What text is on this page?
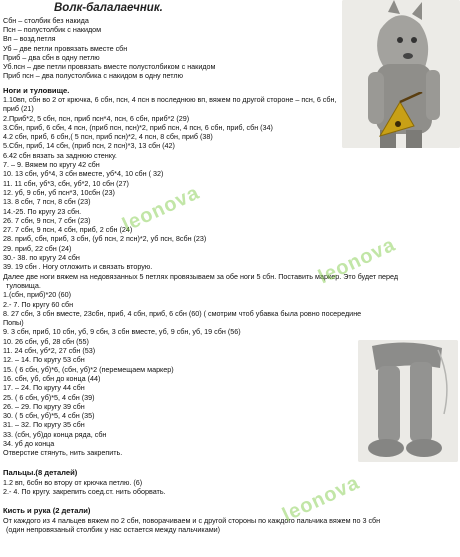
Волк-балалаечник.
Сбн – столбик без накида
Псн – полустолбик с накидом
Вп – возд.петля
Уб – две петли провязать вместе сбн
Приб – два сбн в одну петлю
Уб.псн – две петли провязать вместе полустолбиком с накидом
Приб псн – два полустолбика с накидом в одну петлю
Ноги и туловище.
1.10вп, сбн во 2 от крючка, 6 сбн, псн, 4 псн в последнюю вп, вяжем по другой стороне – псн, 6 сбн,
приб (21)
2.Приб*2, 5 сбн, псн, приб псн*4, псн, 6 сбн, приб*2 (29)
3.Сбн, приб, 6 сбн, 4 псн, (приб псн, псн)*2, приб псн, 4 псн, 6 сбн, приб, сбн (34)
4.2 сбн, приб, 6 сбн,( 5 псн, приб псн)*2, 4 псн, 8 сбн, приб (38)
5.Сбн, приб, 14 сбн, (приб псн, 2 псн)*3, 13 сбн (42)
6.42 сбн вязать за заднюю стенку.
7. – 9. Вяжем по кругу 42 сбн
10. 13 сбн, уб*4, 3 сбн вместе, уб*4, 10 сбн ( 32)
11. 11 сбн, уб*3, сбн, уб*2, 10 сбн (27)
12. уб, 9 сбн, уб псн*3, 10сбн (23)
13. 8 сбн, 7 псн, 8 сбн (23)
14.-25. По кругу 23 сбн.
26. 7 сбн, 9 псн, 7 сбн (23)
27. 7 сбн, 9 псн, 4 сбн, приб, 2 сбн (24)
28. приб, сбн, приб, 3 сбн, (уб псн, 2 псн)*2, уб псн, 8сбн (23)
29. приб, 22 сбн (24)
30.- 38. по кругу 24 сбн
39. 19 сбн . Ногу отложить и связать вторую.
Далее две ноги вяжем на недовязанных 5 петлях провязываем за обе ноги 5 сбн. Поставить маркер. Это будет перед
туловища.
1.(сбн, приб)*20 (60)
2.- 7. По кругу 60 сбн
8. 27 сбн, 3 сбн вместе, 23сбн, приб, 4 сбн, приб, 6 сбн (60) ( смотрим чтоб убавка была ровно посередине
Попы)
9. 3 сбн, приб, 10 сбн, уб, 9 сбн, 3 сбн вместе, уб, 9 сбн, уб, 19 сбн (56)
10. 26 сбн, уб, 28 сбн (55)
11. 24 сбн, уб*2, 27 сбн (53)
12. – 14. По кругу 53 сбн
15. ( 6 сбн, уб)*6, (сбн, уб)*2 (перемещаем маркер)
16. сбн, уб, сбн до конца (44)
17. – 24. По кругу 44 сбн
25. ( 6 сбн, уб)*5, 4 сбн (39)
26. – 29. По кругу 39 сбн
30. ( 5 сбн, уб)*5, 4 сбн (35)
31. – 32. По кругу 35 сбн
33. (сбн, уб)до конца ряда, сбн
34. уб до конца
Отверстие стянуть, нить закрепить.
Пальцы.(8 деталей)
1.2 вп, 6сбн во втору от крючка петлю. (6)
2.- 4. По кругу. закрепить соед.ст. нить оборвать.
Кисть и рука (2 детали)
От каждого из 4 пальцев вяжем по 2 сбн, поворачиваем и с другой стороны по каждого пальчика вяжем по 3 сбн
(один непровязаный столбик у нас остается между пальчиками)
leonova
leonova
leonova
